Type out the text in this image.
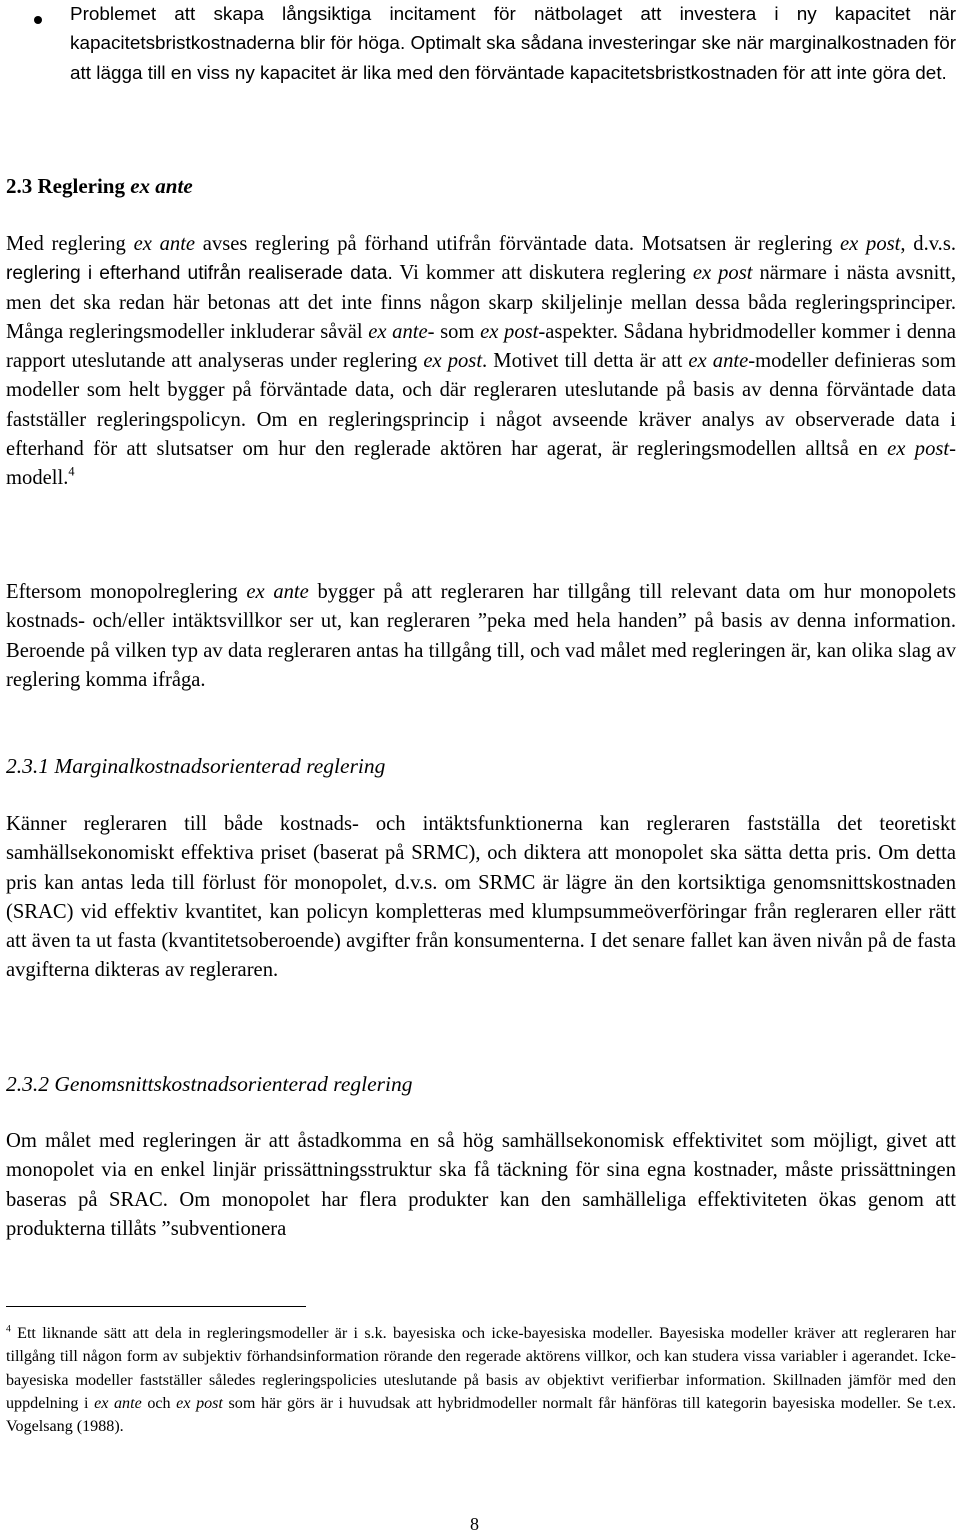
Problemet att skapa långsiktiga incitament för nätbolaget att investera i ny kapacitet när kapacitetsbristkostnaderna blir för höga. Optimalt ska sådana investeringar ske när marginalkostnaden för att lägga till en viss ny kapacitet är lika med den förväntade kapacitetsbristkostnaden för att inte göra det.

2.3 Reglering ex ante

Med reglering ex ante avses reglering på förhand utifrån förväntade data. Motsatsen är reglering ex post, d.v.s. reglering i efterhand utifrån realiserade data. Vi kommer att diskutera reglering ex post närmare i nästa avsnitt, men det ska redan här betonas att det inte finns någon skarp skiljelinje mellan dessa båda regleringsprinciper. Många regleringsmodeller inkluderar såväl ex ante- som ex post-aspekter. Sådana hybridmodeller kommer i denna rapport uteslutande att analyseras under reglering ex post. Motivet till detta är att ex ante-modeller definieras som modeller som helt bygger på förväntade data, och där regleraren uteslutande på basis av denna förväntade data fastställer regleringspolicyn. Om en regleringsprincip i något avseende kräver analys av observerade data i efterhand för att slutsatser om hur den reglerade aktören har agerat, är regleringsmodellen alltså en ex post-modell.$^4$

Eftersom monopolreglering ex ante bygger på att regleraren har tillgång till relevant data om hur monopolets kostnads- och/eller intäktsvillkor ser ut, kan regleraren ”peka med hela handen” på basis av denna information. Beroende på vilken typ av data regleraren antas ha tillgång till, och vad målet med regleringen är, kan olika slag av reglering komma ifråga.

2.3.1 Marginalkostnadsorienterad reglering

Känner regleraren till både kostnads- och intäktsfunktionerna kan regleraren fastställa det teoretiskt samhällsekonomiskt effektiva priset (baserat på SRMC), och diktera att monopolet ska sätta detta pris. Om detta pris kan antas leda till förlust för monopolet, d.v.s. om SRMC är lägre än den kortsiktiga genomsnittskostnaden (SRAC) vid effektiv kvantitet, kan policyn kompletteras med klumpsummeöverföringar från regleraren eller rätt att även ta ut fasta (kvantitetsoberoende) avgifter från konsumenterna. I det senare fallet kan även nivån på de fasta avgifterna dikteras av regleraren.

2.3.2 Genomsnittskostnadsorienterad reglering

Om målet med regleringen är att åstadkomma en så hög samhällsekonomisk effektivitet som möjligt, givet att monopolet via en enkel linjär prissättningsstruktur ska få täckning för sina egna kostnader, måste prissättningen baseras på SRAC. Om monopolet har flera produkter kan den samhälleliga effektiviteten ökas genom att produkterna tillåts ”subventionera

$^4$ Ett liknande sätt att dela in regleringsmodeller är i s.k. bayesiska och icke-bayesiska modeller. Bayesiska modeller kräver att regleraren har tillgång till någon form av subjektiv förhandsinformation rörande den regerade aktörens villkor, och kan studera vissa variabler i agerandet. Icke-bayesiska modeller fastställer således regleringspolicies uteslutande på basis av objektivt verifierbar information. Skillnaden jämför med den uppdelning i ex ante och ex post som här görs är i huvudsak att hybridmodeller normalt får hänföras till kategorin bayesiska modeller. Se t.ex. Vogelsang (1988).

8
